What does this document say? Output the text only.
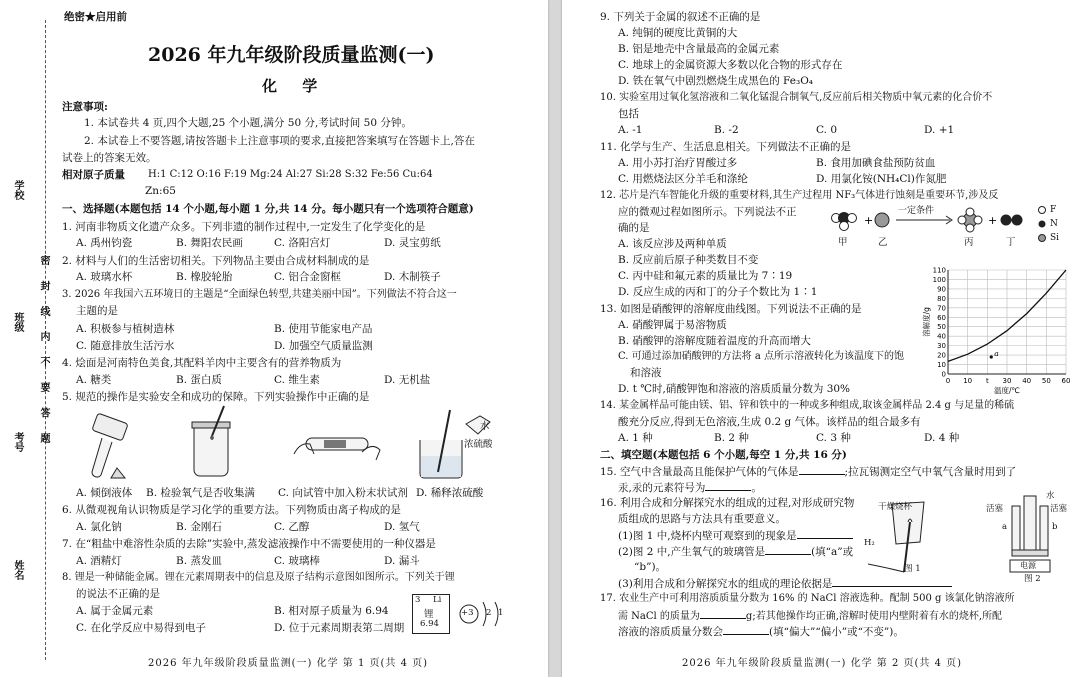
学校
班级 密 封 线 内 不 要 答 题
考号
姓名
绝密★启用前
2026 年九年级阶段质量监测(一)
化 学
注意事项:
1. 本试卷共 4 页,四个大题,25 个小题,满分 50 分,考试时间 50 分钟。
2. 本试卷上不要答题,请按答题卡上注意事项的要求,直接把答案填写在答题卡上,答在
试卷上的答案无效。
相对原子质量 H:1 C:12 O:16 F:19 Mg:24 Al:27 Si:28 S:32 Fe:56 Cu:64
Zn:65
一、选择题(本题包括 14 个小题,每小题 1 分,共 14 分。每小题只有一个选项符合题意)
1. 河南非物质文化遗产众多。下列非遗的制作过程中,一定发生了化学变化的是
A. 禹州钧瓷	B. 舞阳农民画	C. 洛阳宫灯	D. 灵宝剪纸
2. 材料与人们的生活密切相关。下列物品主要由合成材料制成的是
A. 玻璃水杯	B. 橡胶轮胎	C. 铝合金窗框	D. 木制筷子
3. 2026 年我国六五环境日的主题是“全面绿色转型,共建美丽中国”。下列做法不符合这一
主题的是
A. 积极参与植树造林	B. 使用节能家电产品
C. 随意排放生活污水	D. 加强空气质量监测
4. 烩面是河南特色美食,其配料羊肉中主要含有的营养物质为
A. 糖类	B. 蛋白质	C. 维生素	D. 无机盐
5. 规范的操作是实验安全和成功的保障。下列实验操作中正确的是
水
浓硫酸
A. 倾倒液体 B. 检验氧气是否收集满 C. 向试管中加入粉末状试剂 D. 稀释浓硫酸
6. 从微观视角认识物质是学习化学的重要方法。下列物质由离子构成的是
A. 氯化钠	B. 金刚石	C. 乙醇	D. 氢气
7. 在“粗盐中难溶性杂质的去除”实验中,蒸发滤液操作中不需要使用的一种仪器是
A. 酒精灯	B. 蒸发皿	C. 玻璃棒	D. 漏斗
8. 锂是一种储能金属。锂在元素周期表中的信息及原子结构示意图如图所示。下列关于锂
的说法不正确的是
A. 属于金属元素	B. 相对原子质量为 6.94
C. 在化学反应中易得到电子	D. 位于元素周期表第二周期
3 Li
锂
6.94
+3 2 1
2026 年九年级阶段质量监测(一) 化学 第 1 页(共 4 页)
9. 下列关于金属的叙述不正确的是
A. 纯铜的硬度比黄铜的大
B. 铝是地壳中含量最高的金属元素
C. 地球上的金属资源大多数以化合物的形式存在
D. 铁在氧气中剧烈燃烧生成黑色的 Fe₃O₄
10. 实验室用过氧化氢溶液和二氧化锰混合制氧气,反应前后相关物质中氧元素的化合价不
包括
A. -1	B. -2	C. 0	D. +1
11. 化学与生产、生活息息相关。下列做法不正确的是
A. 用小苏打治疗胃酸过多	B. 食用加碘食盐预防贫血
C. 用燃烧法区分羊毛和涤纶	D. 用氯化铵(NH₄Cl)作氮肥
12. 芯片是汽车智能化升级的重要材料,其生产过程用 NF₃气体进行蚀刻是重要环节,涉及反
应的微观过程如图所示。下列说法不正
确的是
A. 该反应涉及两种单质
B. 反应前后原子种类数目不变
C. 丙中硅和氟元素的质量比为 7∶19
D. 反应生成的丙和丁的分子个数比为 1∶1
+	+
一定条件
甲	乙	丙	丁
F
N
Si
13. 如图是硝酸钾的溶解度曲线图。下列说法不正确的是
A. 硝酸钾属于易溶物质
B. 硝酸钾的溶解度随着温度的升高而增大
C. 可通过添加硝酸钾的方法将 a 点所示溶液转化为该温度下的饱
和溶液
D. t ℃时,硝酸钾饱和溶液的溶质质量分数为 30%
0
10
20
30
40
50
60
70
80
90
100
110
0 10 t 30 40 50 60
温度/℃
溶解度/g
a
14. 某金属样品可能由镁、铝、锌和铁中的一种或多种组成,取该金属样品 2.4 g 与足量的稀硫
酸充分反应,得到无色溶液,生成 0.2 g 气体。该样品的组合最多有
A. 1 种	B. 2 种	C. 3 种	D. 4 种
二、填空题(本题包括 6 个小题,每空 1 分,共 16 分)
15. 空气中含量最高且能保护气体的气体是	;拉瓦锡测定空气中氧气含量时用到了
汞,汞的元素符号为	。
16. 利用合成和分解探究水的组成的过程,对形成研究物
质组成的思路与方法具有重要意义。
(1)图 1 中,烧杯内壁可观察到的现象是
(2)图 2 中,产生氧气的玻璃管是	(填“a”或
“b”)。
(3)利用合成和分解探究水的组成的理论依据是
干燥烧杯
H₂
图 1
水
活塞	活塞
a	b
电源
图 2
17. 农业生产中可利用溶质质量分数为 16% 的 NaCl 溶液选种。配制 500 g 该氯化钠溶液所
需 NaCl 的质量为	g;若其他操作均正确,溶解时使用内壁附着有水的烧杯,所配
溶液的溶质质量分数会	(填“偏大”“偏小”或“不变”)。
2026 年九年级阶段质量监测(一) 化学 第 2 页(共 4 页)
